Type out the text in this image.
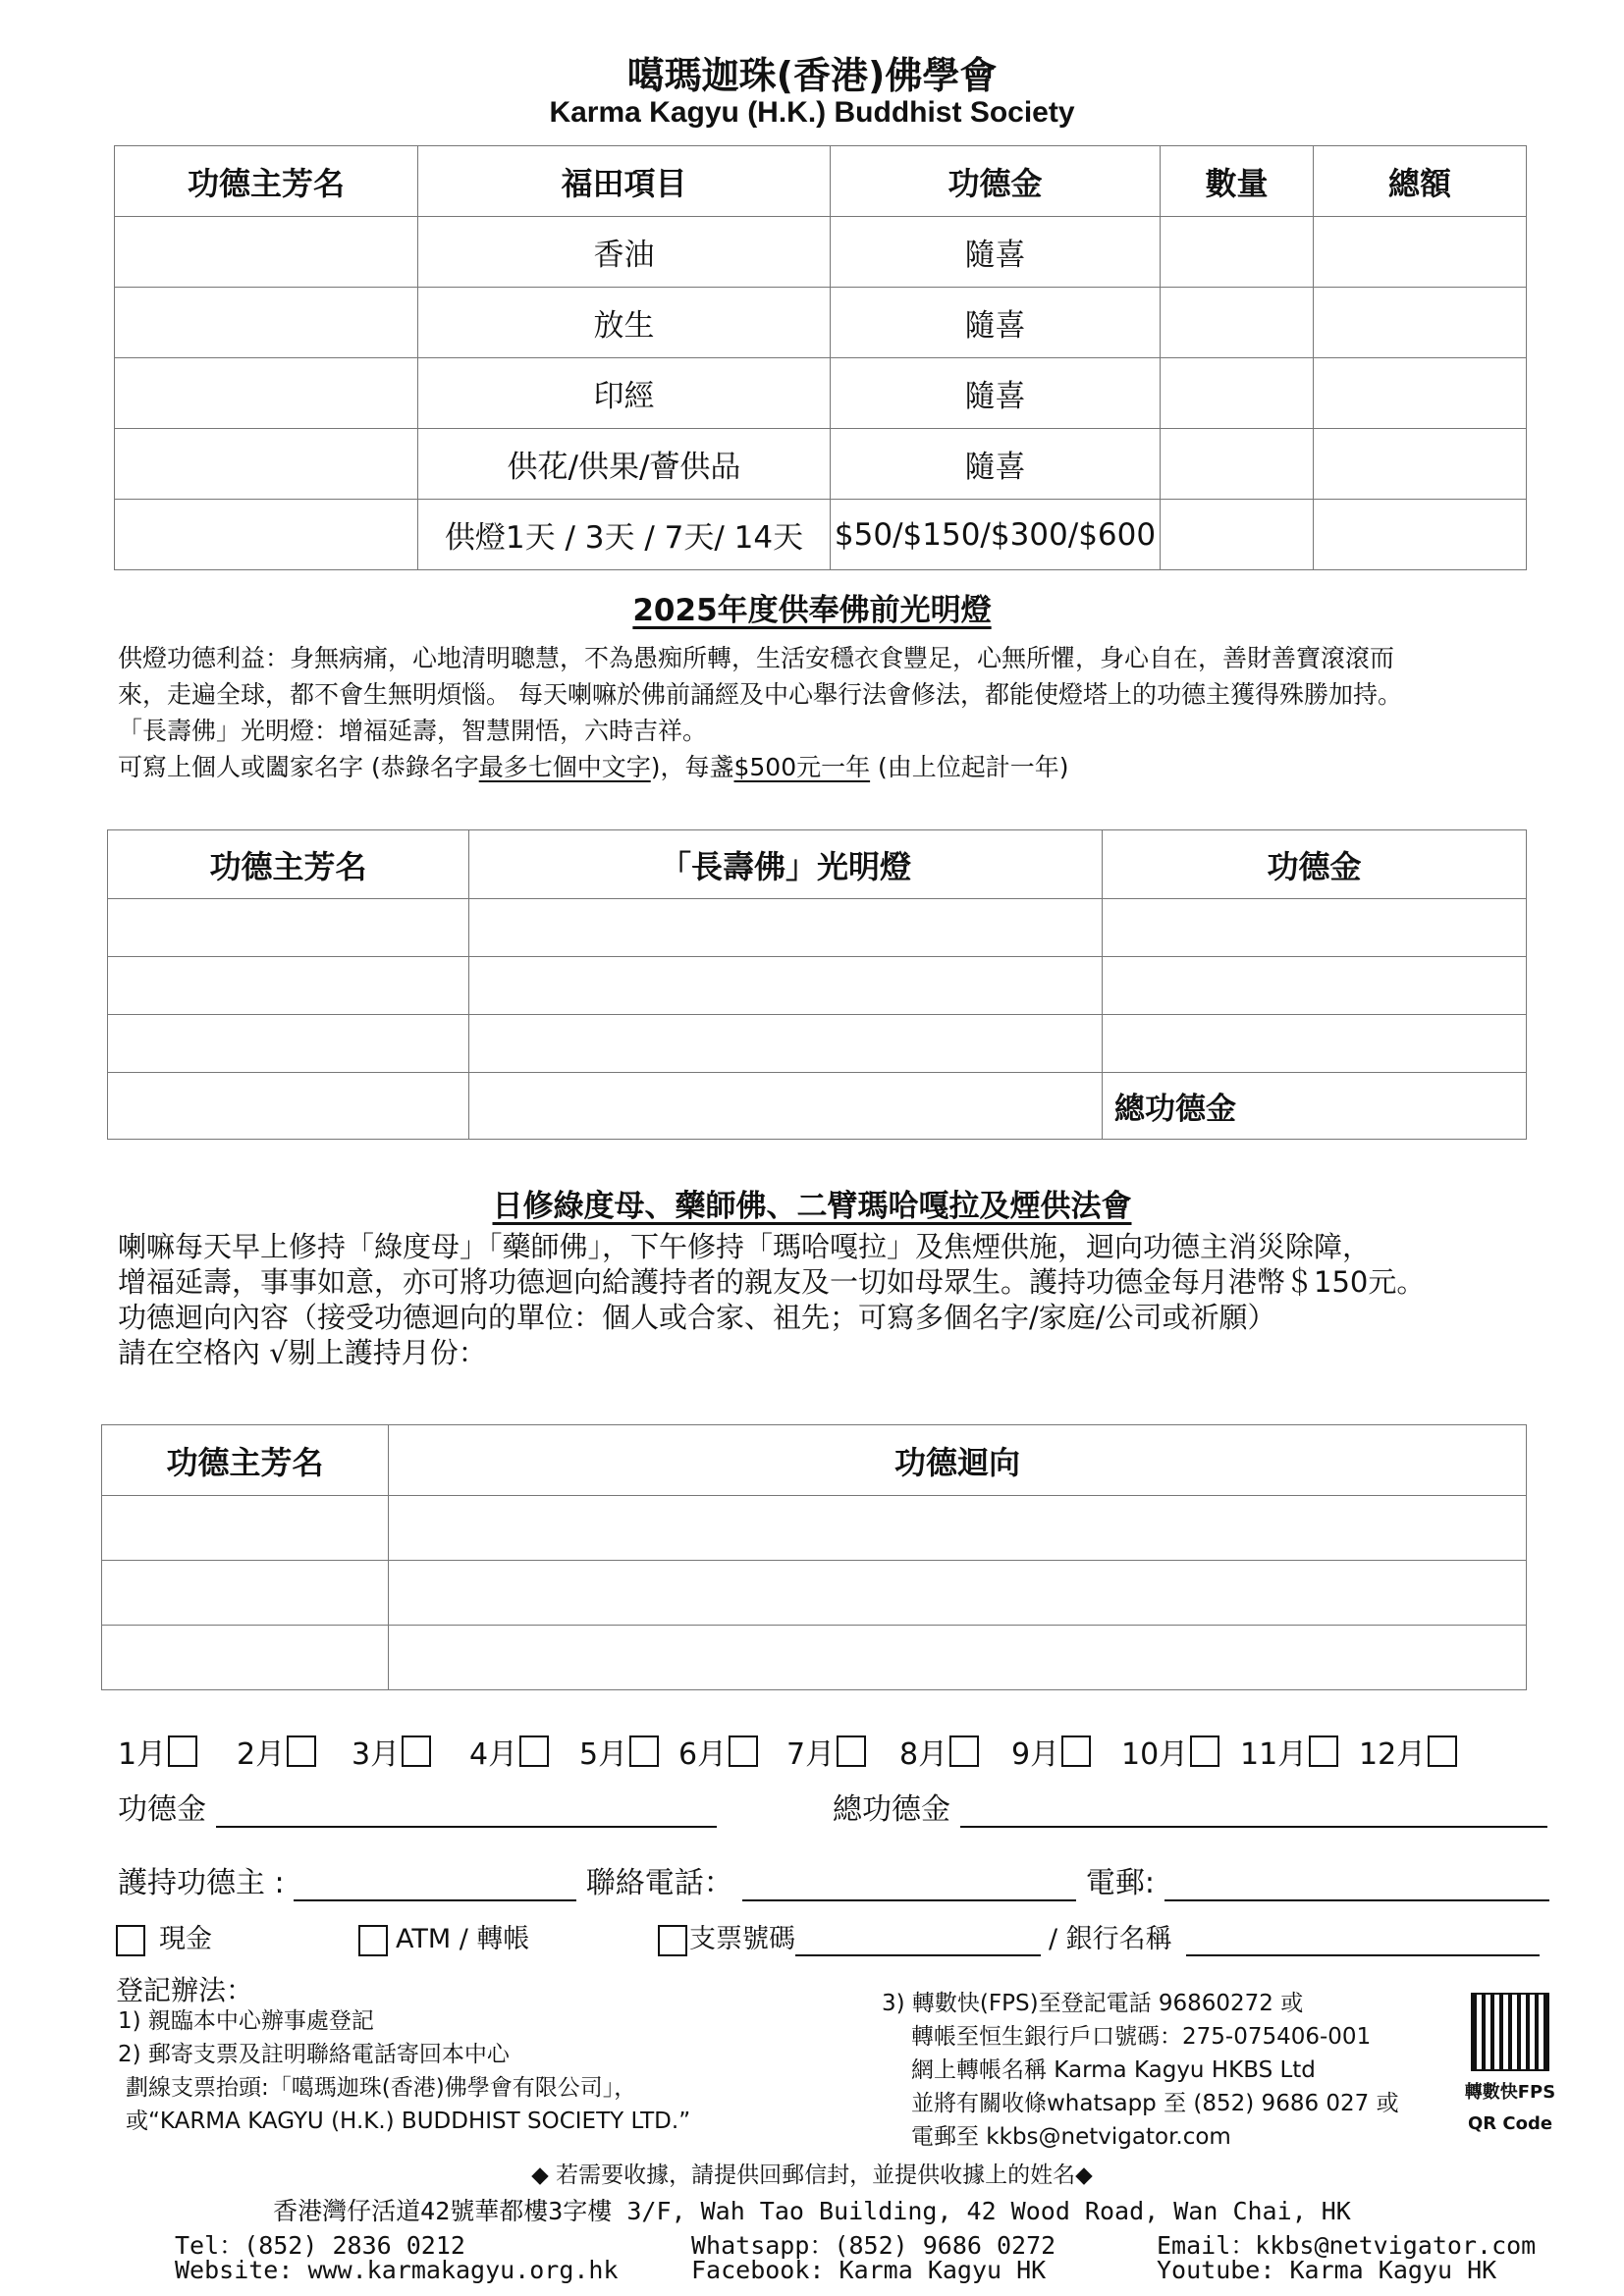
噶瑪迦珠(香港)佛學會
Karma Kagyu (H.K.) Buddhist Society
功德主芳名	福田項目	功德金	數量	總額
	香油	隨喜		
	放生	隨喜		
	印經	隨喜		
	供花/供果/薈供品	隨喜		
	供燈1天 / 3天 / 7天/ 14天	$50/$150/$300/$600		
2025年度供奉佛前光明燈
供燈功德利益：身無病痛，心地清明聰慧，不為愚痴所轉，生活安穩衣食豐足，心無所懼，身心自在，善財善寶滾滾而
來，走遍全球，都不會生無明煩惱。 每天喇嘛於佛前誦經及中心舉行法會修法，都能使燈塔上的功德主獲得殊勝加持。
「長壽佛」光明燈：增福延壽，智慧開悟，六時吉祥。
可寫上個人或闔家名字 (恭錄名字最多七個中文字)，每盞$500元一年 (由上位起計一年)
功德主芳名	「長壽佛」光明燈	功德金

		總功德金
日修綠度母、藥師佛、二臂瑪哈嘎拉及煙供法會
喇嘛每天早上修持「綠度母」「藥師佛」，下午修持「瑪哈嘎拉」及焦煙供施，迴向功德主消災除障，
增福延壽，事事如意，亦可將功德迴向給護持者的親友及一切如母眾生。護持功德金每月港幣＄150元。
功德迴向內容（接受功德迴向的單位：個人或合家、祖先；可寫多個名字/家庭/公司或祈願）
請在空格內 √剔上護持月份：
功德主芳名	功德迴向

1月 2月 3月 4月 5月 6月 7月 8月 9月 10月 11月 12月
功德金	總功德金
護持功德主 :	聯絡電話：	電郵:
現金	ATM / 轉帳	支票號碼	/ 銀行名稱
登記辦法：
1) 親臨本中心辦事處登記
2) 郵寄支票及註明聯絡電話寄回本中心
劃線支票抬頭:「噶瑪迦珠(香港)佛學會有限公司」，
或“KARMA KAGYU (H.K.) BUDDHIST SOCIETY LTD.”
3) 轉數快(FPS)至登記電話 96860272 或
轉帳至恒生銀行戶口號碼：275-075406-001
網上轉帳名稱 Karma Kagyu HKBS Ltd
並將有關收條whatsapp 至 (852) 9686 027 或
電郵至 kkbs@netvigator.com
轉數快FPS
QR Code
◆ 若需要收據，請提供回郵信封，並提供收據上的姓名◆
香港灣仔活道42號華都樓3字樓 3/F, Wah Tao Building, 42 Wood Road, Wan Chai, HK
Tel：(852) 2836 0212	Whatsapp：(852) 9686 0272	Email：kkbs@netvigator.com
Website: www.karmakagyu.org.hk	Facebook: Karma Kagyu HK	Youtube: Karma Kagyu HK
